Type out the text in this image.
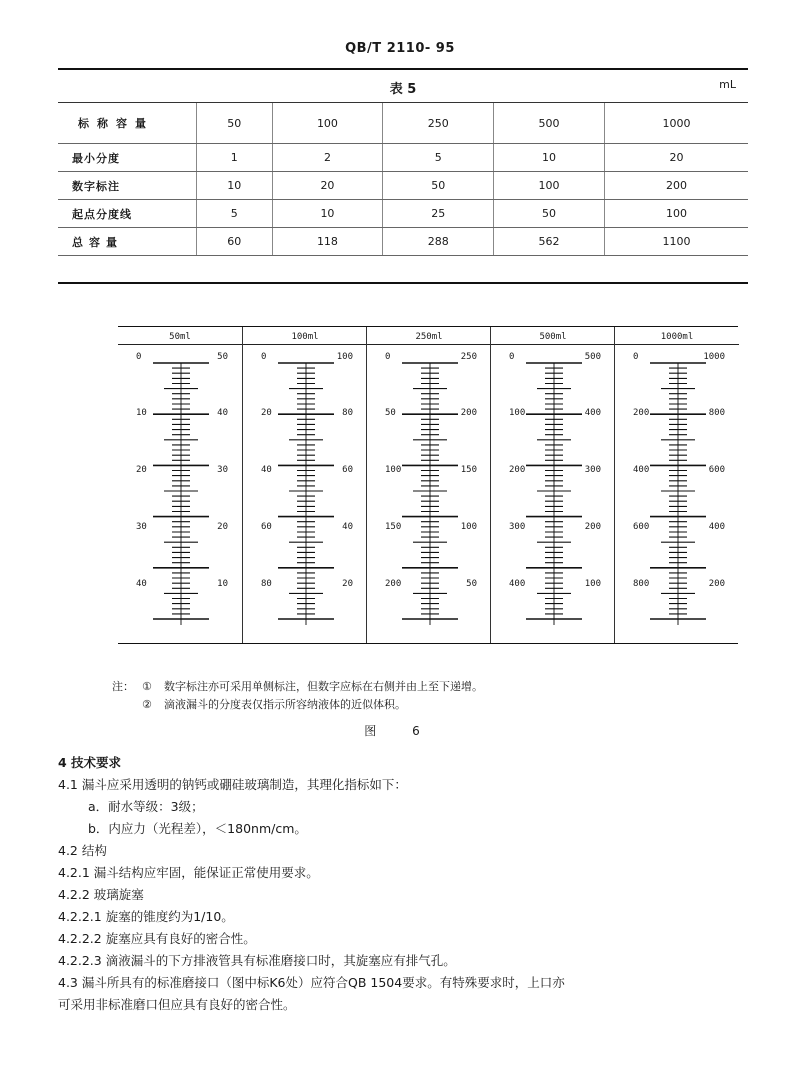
QB/T 2110- 95
表 5	mL
标称容量	50	100	250	500	1000
最小分度	1	2	5	10	20
数字标注	10	20	50	100	200
起点分度线	5	10	25	50	100
总容量	60	118	288	562	1100
50ml
0	50
10	40
20	30
30	20
40	10
100ml
0	100
20	80
40	60
60	40
80	20
250ml
0	250
50	200
100	150
150	100
200	50
500ml
0	500
100	400
200	300
300	200
400	100
1000ml
0	1000
200	800
400	600
600	400
800	200
注： ①	数字标注亦可采用单侧标注，但数字应标在右侧并由上至下递增。
②	滴液漏斗的分度表仅指示所容纳液体的近似体积。
图 6

4 技术要求

4.1 漏斗应采用透明的钠钙或硼硅玻璃制造，其理化指标如下：

a．耐水等级：3级；

b．内应力（光程差），＜180nm/cm。

4.2 结构

4.2.1 漏斗结构应牢固，能保证正常使用要求。

4.2.2 玻璃旋塞

4.2.2.1 旋塞的锥度约为1/10。

4.2.2.2 旋塞应具有良好的密合性。

4.2.2.3 滴液漏斗的下方排液管具有标准磨接口时，其旋塞应有排气孔。

4.3 漏斗所具有的标准磨接口（图中标K6处）应符合QB 1504要求。有特殊要求时，上口亦

可采用非标准磨口但应具有良好的密合性。
